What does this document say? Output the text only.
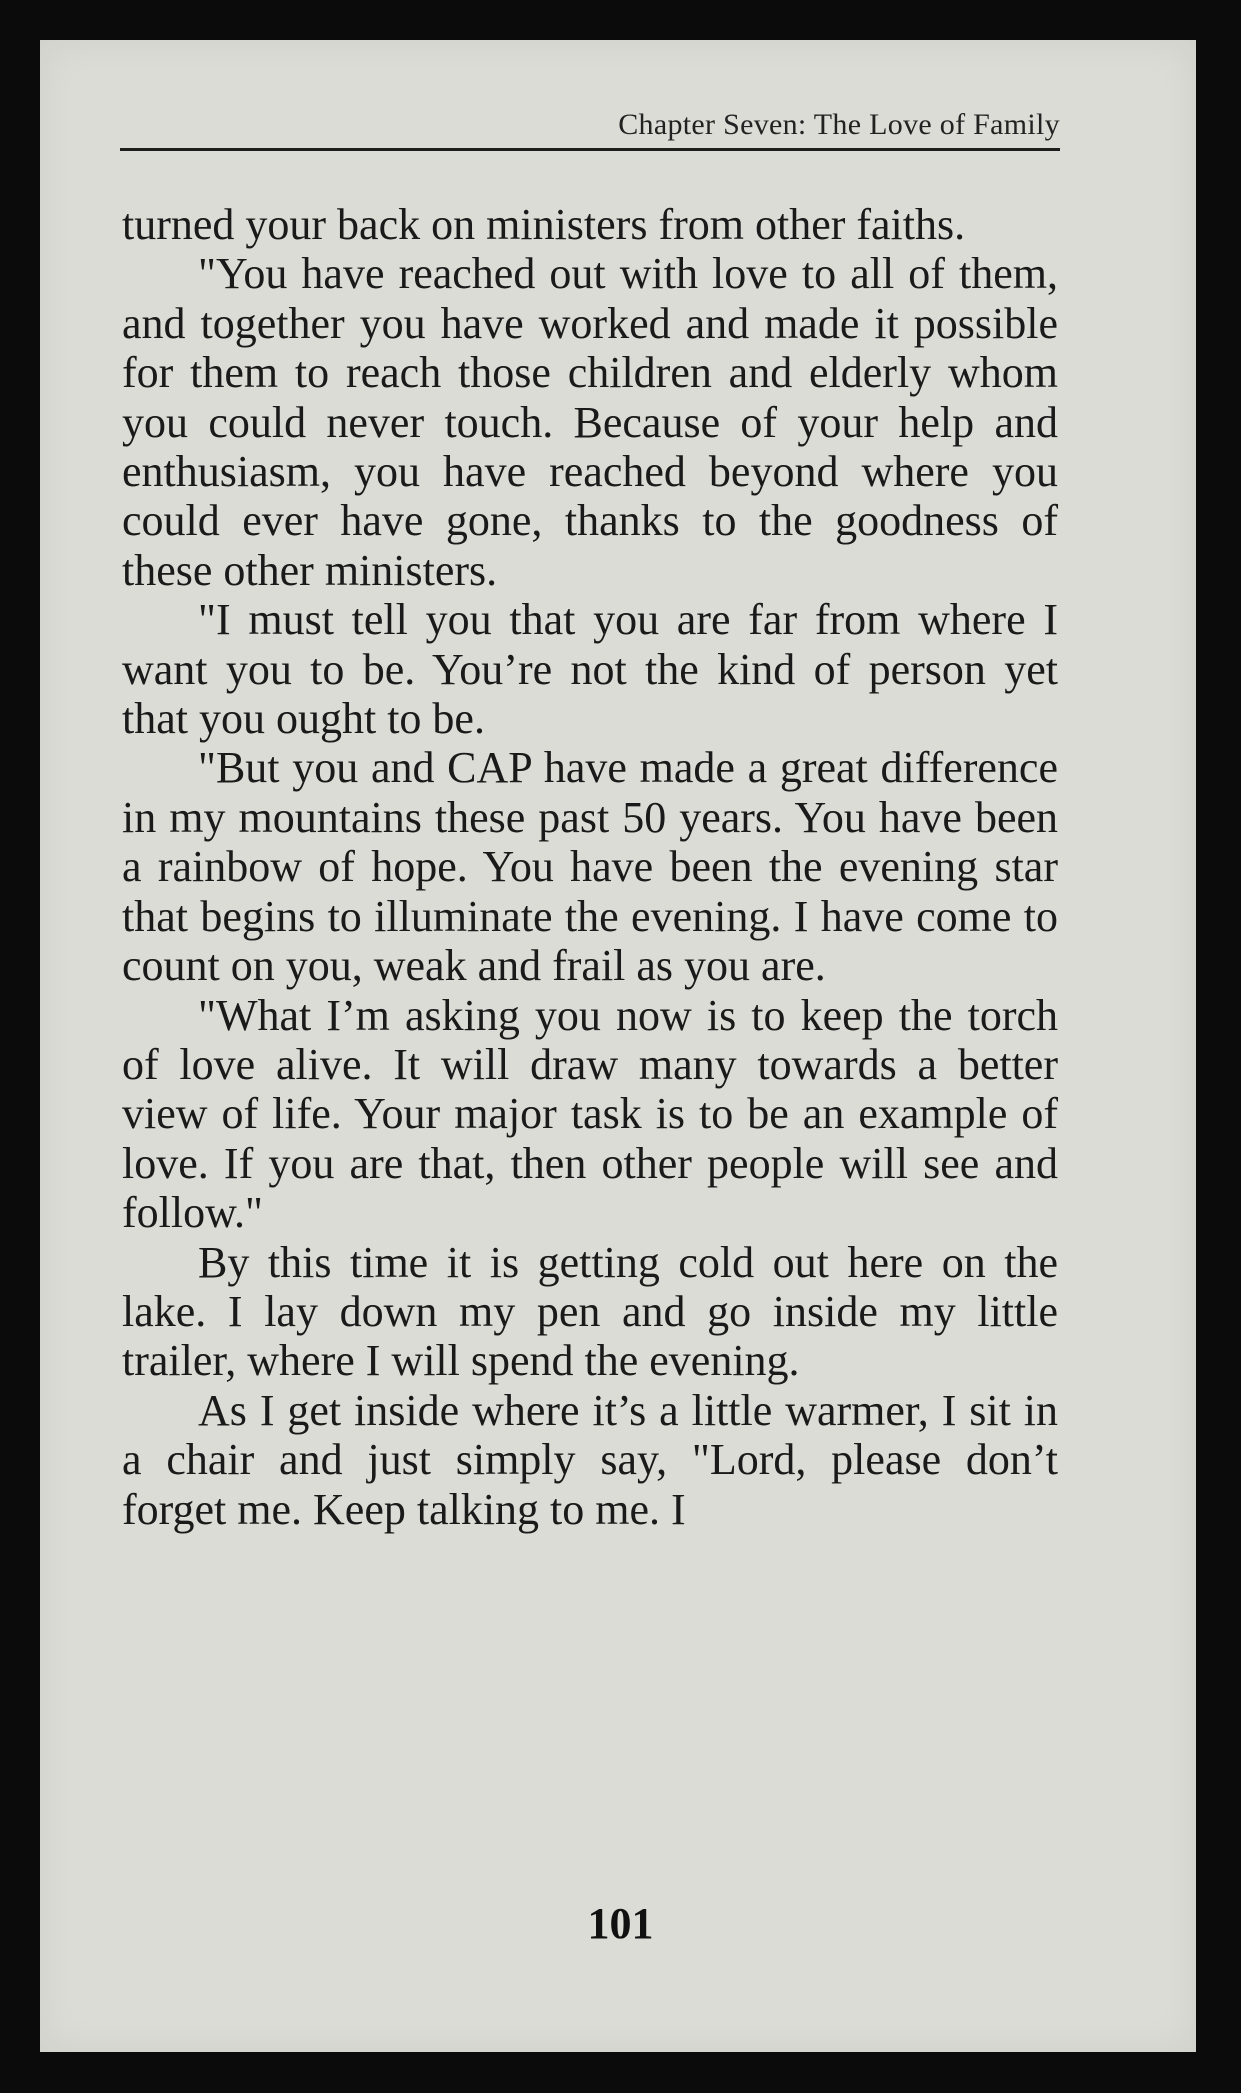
Chapter Seven: The Love of Family

turned your back on ministers from other faiths.

"You have reached out with love to all of them, and together you have worked and made it possible for them to reach those children and elderly whom you could never touch. Because of your help and enthusiasm, you have reached beyond where you could ever have gone, thanks to the goodness of these other ministers.

"I must tell you that you are far from where I want you to be. You’re not the kind of person yet that you ought to be.

"But you and CAP have made a great difference in my mountains these past 50 years. You have been a rainbow of hope. You have been the evening star that begins to illuminate the evening. I have come to count on you, weak and frail as you are.

"What I’m asking you now is to keep the torch of love alive. It will draw many towards a better view of life. Your major task is to be an example of love. If you are that, then other people will see and follow."

By this time it is getting cold out here on the lake. I lay down my pen and go inside my little trailer, where I will spend the evening.

As I get inside where it’s a little warmer, I sit in a chair and just simply say, "Lord, please don’t forget me. Keep talking to me. I

101
